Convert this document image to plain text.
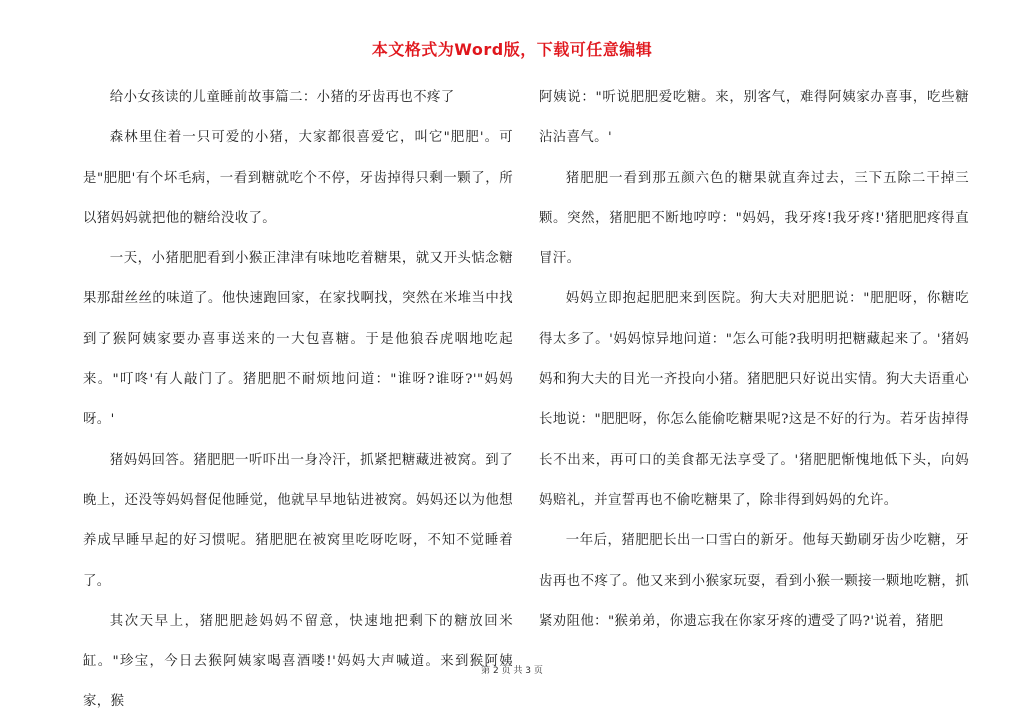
本文格式为Word版，下载可任意编辑

给小女孩读的儿童睡前故事篇二：小猪的牙齿再也不疼了

森林里住着一只可爱的小猪，大家都很喜爱它，叫它"肥肥'。可是"肥肥'有个坏毛病，一看到糖就吃个不停，牙齿掉得只剩一颗了，所以猪妈妈就把他的糖给没收了。

一天，小猪肥肥看到小猴正津津有味地吃着糖果，就又开头惦念糖果那甜丝丝的味道了。他快速跑回家，在家找啊找，突然在米堆当中找到了猴阿姨家要办喜事送来的一大包喜糖。于是他狼吞虎咽地吃起来。"叮咚'有人敲门了。猪肥肥不耐烦地问道："谁呀?谁呀?'"妈妈呀。'

猪妈妈回答。猪肥肥一听吓出一身冷汗，抓紧把糖藏进被窝。到了晚上，还没等妈妈督促他睡觉，他就早早地钻进被窝。妈妈还以为他想养成早睡早起的好习惯呢。猪肥肥在被窝里吃呀吃呀，不知不觉睡着了。

其次天早上，猪肥肥趁妈妈不留意，快速地把剩下的糖放回米缸。"珍宝，今日去猴阿姨家喝喜酒喽!'妈妈大声喊道。来到猴阿姨家，猴

阿姨说："听说肥肥爱吃糖。来，别客气，难得阿姨家办喜事，吃些糖沾沾喜气。'

猪肥肥一看到那五颜六色的糖果就直奔过去，三下五除二干掉三颗。突然，猪肥肥不断地哼哼："妈妈，我牙疼!我牙疼!'猪肥肥疼得直冒汗。

妈妈立即抱起肥肥来到医院。狗大夫对肥肥说："肥肥呀，你糖吃得太多了。'妈妈惊异地问道："怎么可能?我明明把糖藏起来了。'猪妈妈和狗大夫的目光一齐投向小猪。猪肥肥只好说出实情。狗大夫语重心长地说："肥肥呀，你怎么能偷吃糖果呢?这是不好的行为。若牙齿掉得长不出来，再可口的美食都无法享受了。'猪肥肥惭愧地低下头，向妈妈赔礼，并宣誓再也不偷吃糖果了，除非得到妈妈的允许。

一年后，猪肥肥长出一口雪白的新牙。他每天勤刷牙齿少吃糖，牙齿再也不疼了。他又来到小猴家玩耍，看到小猴一颗接一颗地吃糖，抓紧劝阻他："猴弟弟，你遗忘我在你家牙疼的遭受了吗?'说着，猪肥

第 2 页 共 3 页
